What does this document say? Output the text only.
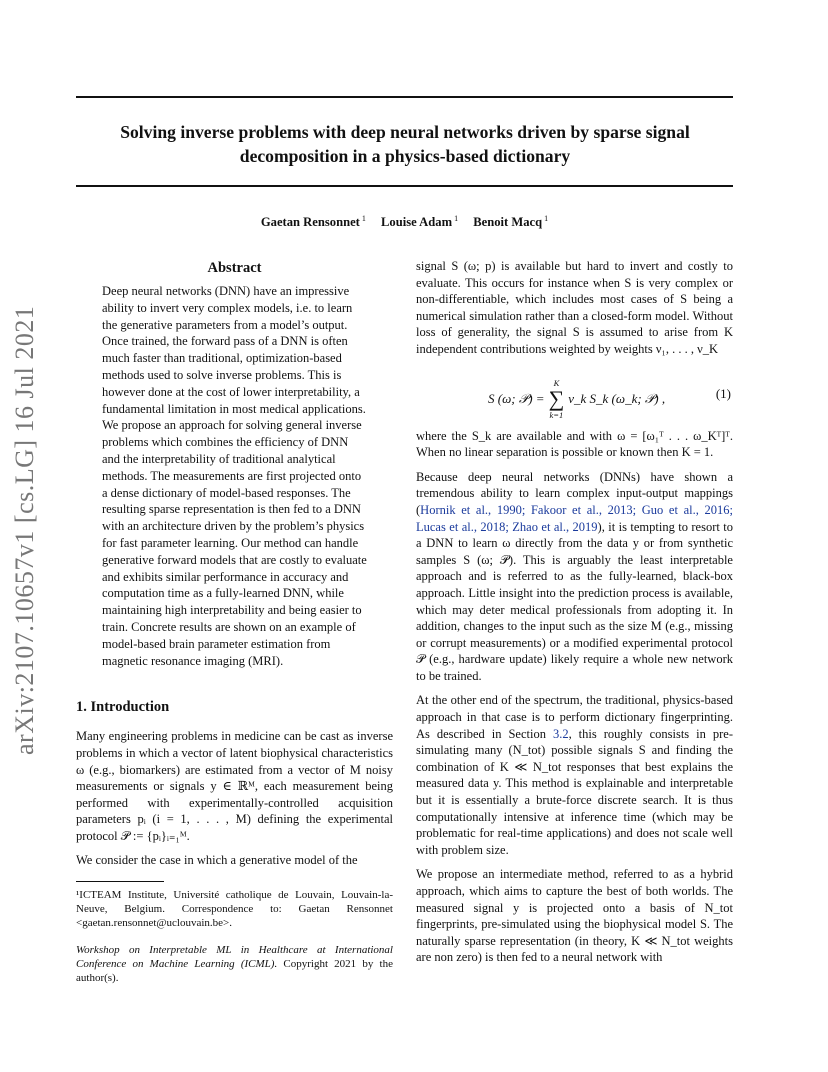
Solving inverse problems with deep neural networks driven by sparse signal
decomposition in a physics-based dictionary
Gaetan Rensonnet $^1$ Louise Adam $^1$ Benoit Macq $^1$
arXiv:2107.10657v1 [cs.LG] 16 Jul 2021
Abstract

Deep neural networks (DNN) have an impressive ability to invert very complex models, i.e. to learn the generative parameters from a model’s output. Once trained, the forward pass of a DNN is often much faster than traditional, optimization-based methods used to solve inverse problems. This is however done at the cost of lower interpretability, a fundamental limitation in most medical applications. We propose an approach for solving general inverse problems which combines the efficiency of DNN and the interpretability of traditional analytical methods. The measurements are first projected onto a dense dictionary of model-based responses. The resulting sparse representation is then fed to a DNN with an architecture driven by the problem’s physics for fast parameter learning. Our method can handle generative forward models that are costly to evaluate and exhibits similar performance in accuracy and computation time as a fully-learned DNN, while maintaining high interpretability and being easier to train. Concrete results are shown on an example of model-based brain parameter estimation from magnetic resonance imaging (MRI).

1. Introduction

Many engineering problems in medicine can be cast as inverse problems in which a vector of latent biophysical characteristics ω (e.g., biomarkers) are estimated from a vector of M noisy measurements or signals y ∈ ℝᴹ, each measurement being performed with experimentally-controlled acquisition parameters pᵢ (i = 1, . . . , M) defining the experimental protocol 𝒫 := {pᵢ}ᵢ₌₁ᴹ.

We consider the case in which a generative model of the

¹ICTEAM Institute, Université catholique de Louvain, Louvain-la-Neuve, Belgium. Correspondence to: Gaetan Rensonnet <gaetan.rensonnet@uclouvain.be>.

Workshop on Interpretable ML in Healthcare at International Conference on Machine Learning (ICML). Copyright 2021 by the author(s).

signal S (ω; p) is available but hard to invert and costly to evaluate. This occurs for instance when S is very complex or non-differentiable, which includes most cases of S being a numerical simulation rather than a closed-form model. Without loss of generality, the signal S is assumed to arise from K independent contributions weighted by weights ν₁, . . . , ν_K

S (ω; 𝒫) =
K
∑
k=1
ν_k S_k (ω_k; 𝒫) ,	(1)

where the S_k are available and with ω = [ω₁ᵀ . . . ω_Kᵀ]ᵀ. When no linear separation is possible or known then K = 1.

Because deep neural networks (DNNs) have shown a tremendous ability to learn complex input-output mappings (Hornik et al., 1990; Fakoor et al., 2013; Guo et al., 2016; Lucas et al., 2018; Zhao et al., 2019), it is tempting to resort to a DNN to learn ω directly from the data y or from synthetic samples S (ω; 𝒫). This is arguably the least interpretable approach and is referred to as the fully-learned, black-box approach. Little insight into the prediction process is available, which may deter medical professionals from adopting it. In addition, changes to the input such as the size M (e.g., missing or corrupt measurements) or a modified experimental protocol 𝒫 (e.g., hardware update) likely require a whole new network to be trained.

At the other end of the spectrum, the traditional, physics-based approach in that case is to perform dictionary fingerprinting. As described in Section 3.2, this roughly consists in pre-simulating many (N_tot) possible signals S and finding the combination of K ≪ N_tot responses that best explains the measured data y. This method is explainable and interpretable but it is essentially a brute-force discrete search. It is thus computationally intensive at inference time (which may be problematic for real-time applications) and does not scale well with problem size.

We propose an intermediate method, referred to as a hybrid approach, which aims to capture the best of both worlds. The measured signal y is projected onto a basis of N_tot fingerprints, pre-simulated using the biophysical model S. The naturally sparse representation (in theory, K ≪ N_tot weights are non zero) is then fed to a neural network with
